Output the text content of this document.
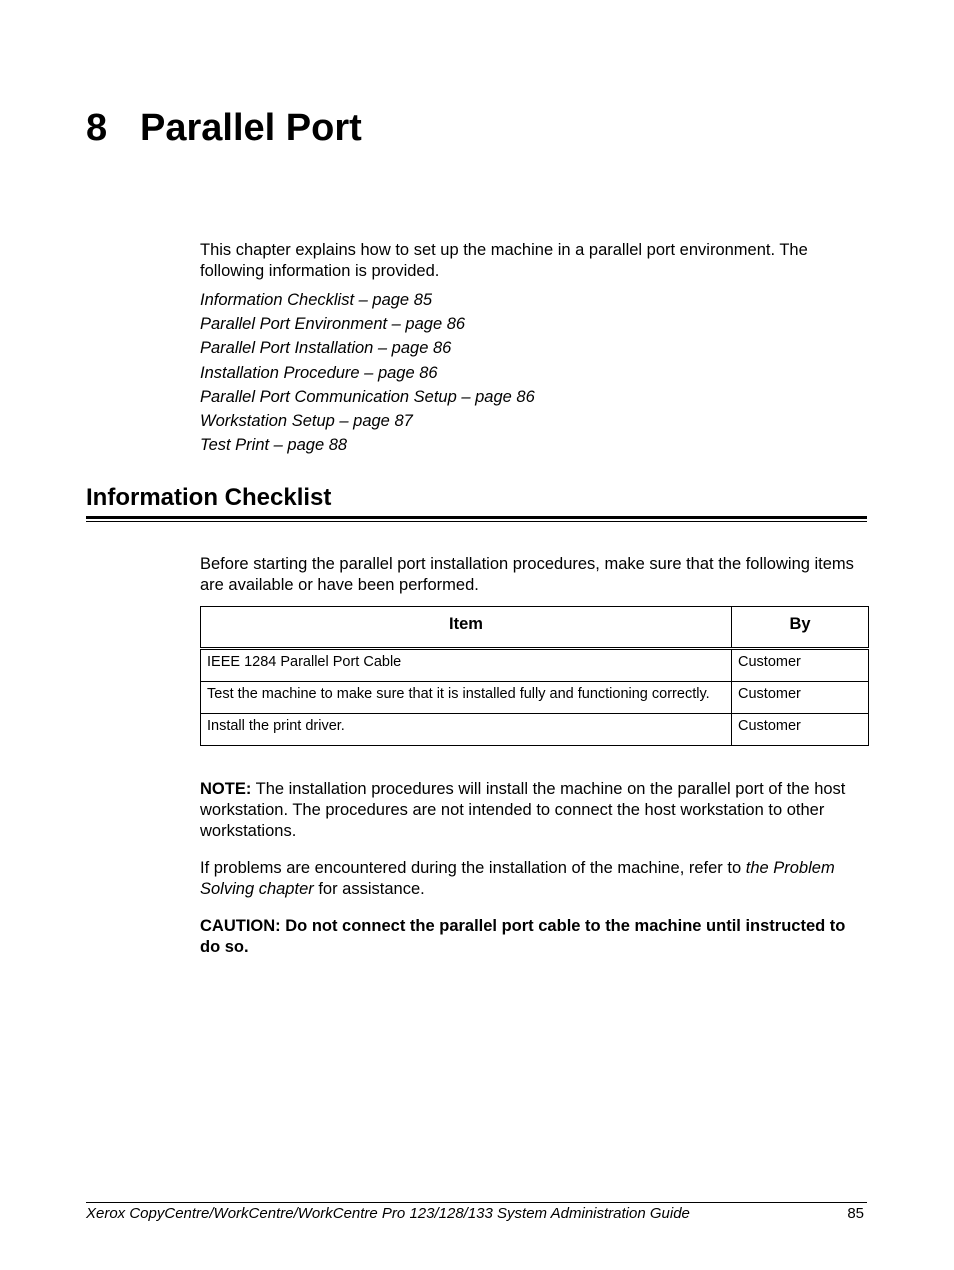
8 Parallel Port

This chapter explains how to set up the machine in a parallel port environment. The following information is provided.

Information Checklist – page 85
Parallel Port Environment – page 86
Parallel Port Installation – page 86
Installation Procedure – page 86
Parallel Port Communication Setup – page 86
Workstation Setup – page 87
Test Print – page 88
Information Checklist

Before starting the parallel port installation procedures, make sure that the following items are available or have been performed.

Item	By
IEEE 1284 Parallel Port Cable	Customer
Test the machine to make sure that it is installed fully and functioning correctly.	Customer
Install the print driver.	Customer

NOTE: The installation procedures will install the machine on the parallel port of the host workstation. The procedures are not intended to connect the host workstation to other workstations.

If problems are encountered during the installation of the machine, refer to the Problem Solving chapter for assistance.

CAUTION: Do not connect the parallel port cable to the machine until instructed to do so.

Xerox CopyCentre/WorkCentre/WorkCentre Pro 123/128/133 System Administration Guide	85
